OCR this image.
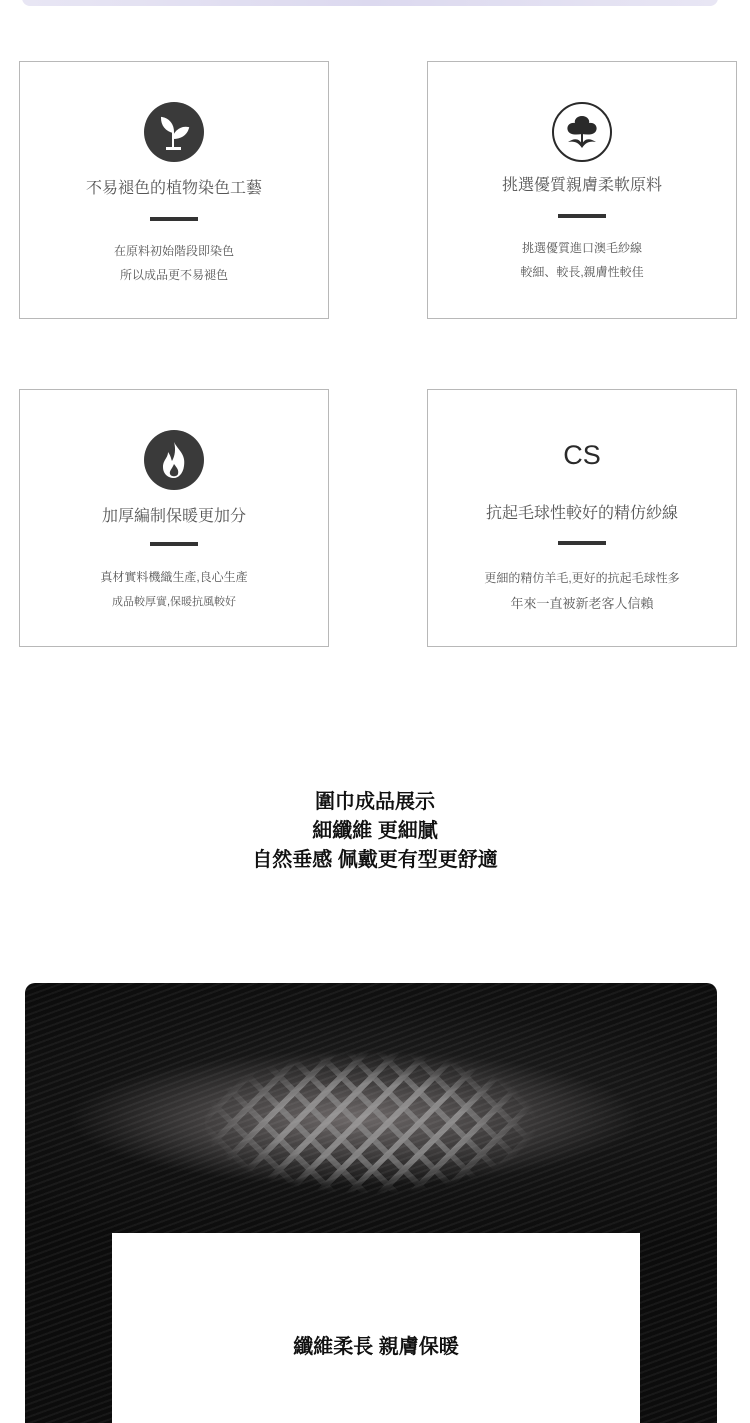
不易褪色的植物染色工藝
在原料初始階段即染色
所以成品更不易褪色
挑選優質親膚柔軟原料
挑選優質進口澳毛紗線
較細、較長,親膚性較佳
加厚編制保暖更加分
真材實料機織生產,良心生產
成品較厚實,保暖抗風較好
CS
抗起毛球性較好的精仿紗線
更細的精仿羊毛,更好的抗起毛球性多
年來一直被新老客人信賴
圍巾成品展示
細纖維 更細膩
自然垂感 佩戴更有型更舒適
纖維柔長 親膚保暖
